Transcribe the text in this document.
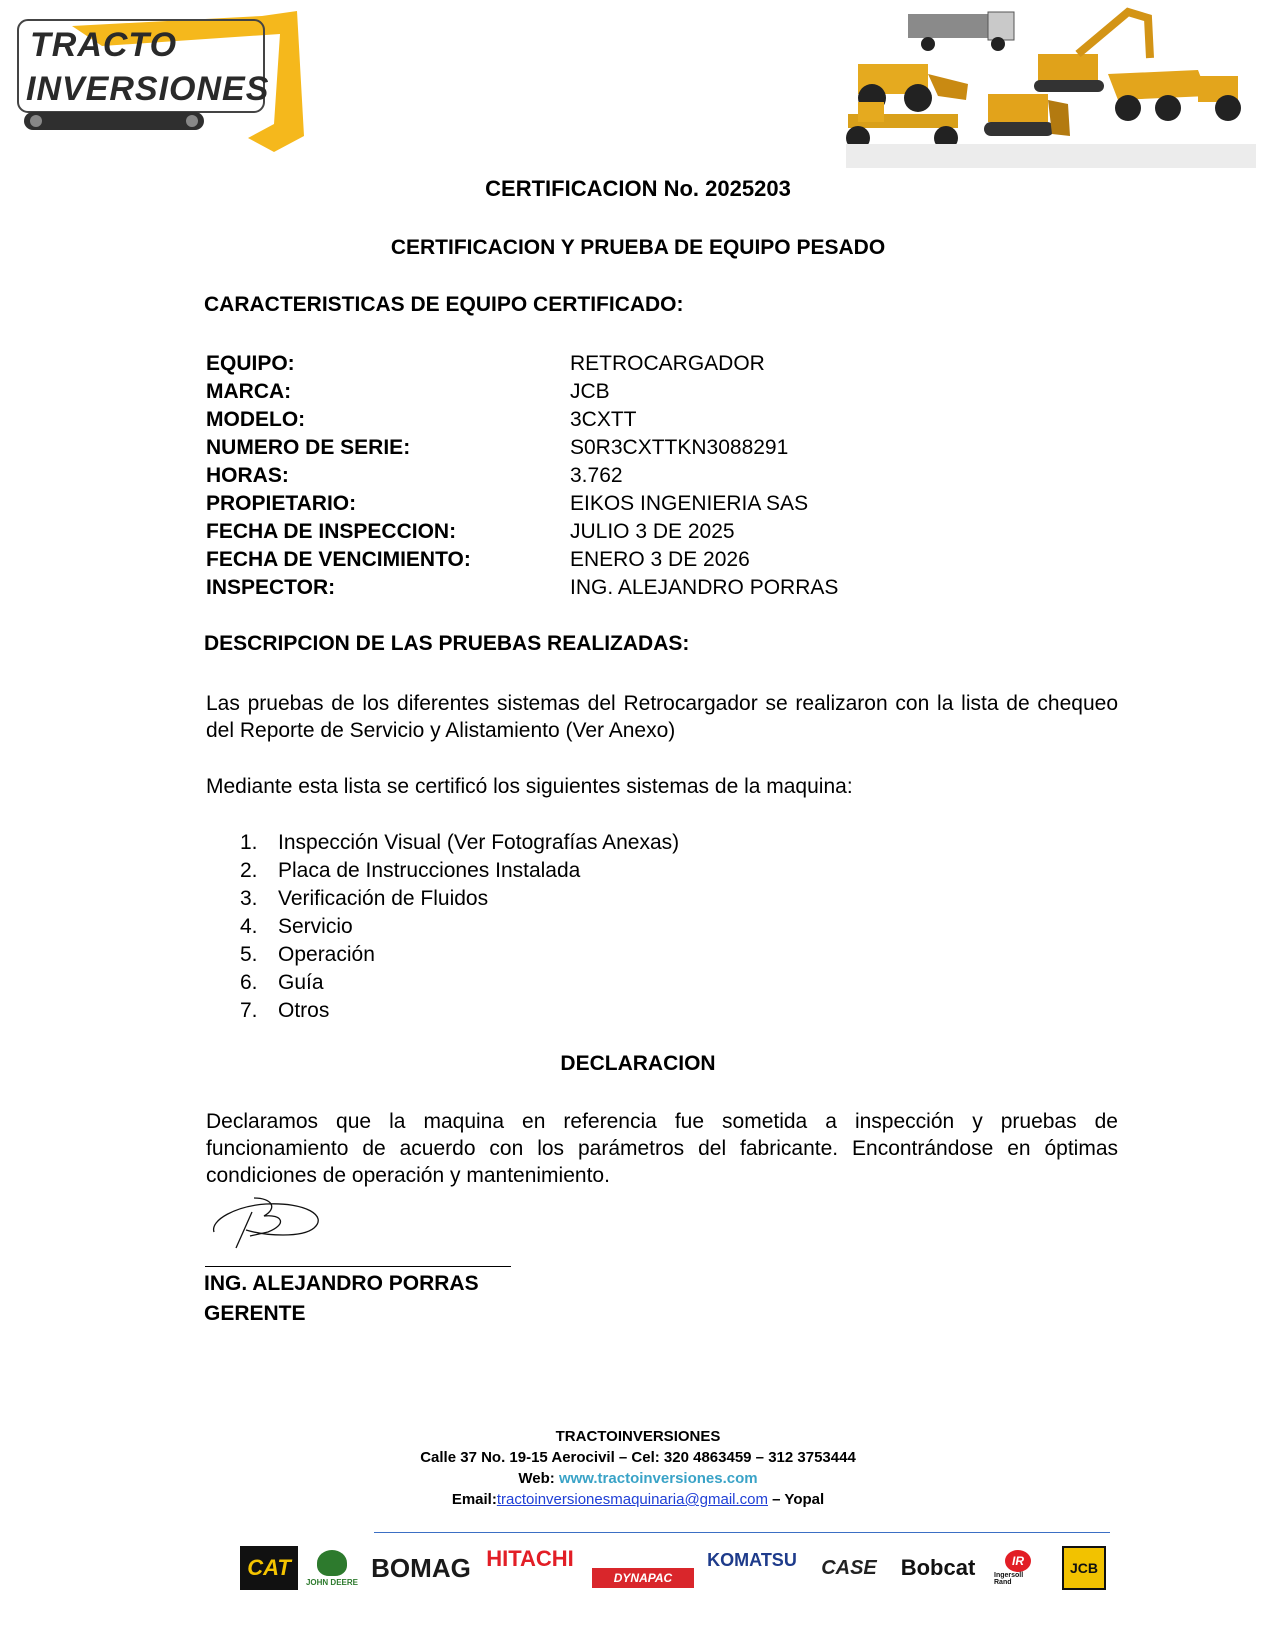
TRACTO
INVERSIONES
CERTIFICACION No. 2025203
CERTIFICACION Y PRUEBA DE EQUIPO PESADO
CARACTERISTICAS DE EQUIPO CERTIFICADO:
EQUIPO:	RETROCARGADOR
MARCA:	JCB
MODELO:	3CXTT
NUMERO DE SERIE:	S0R3CXTTKN3088291
HORAS:	3.762
PROPIETARIO:	EIKOS INGENIERIA SAS
FECHA DE INSPECCION:	JULIO 3 DE 2025
FECHA DE VENCIMIENTO:	ENERO 3 DE 2026
INSPECTOR:	ING. ALEJANDRO PORRAS
DESCRIPCION DE LAS PRUEBAS REALIZADAS:
Las pruebas de los diferentes sistemas del Retrocargador se realizaron con la lista de chequeo del Reporte de Servicio y Alistamiento (Ver Anexo)
Mediante esta lista se certificó los siguientes sistemas de la maquina:
1. Inspección Visual (Ver Fotografías Anexas)
2. Placa de Instrucciones Instalada
3. Verificación de Fluidos
4. Servicio
5. Operación
6. Guía
7. Otros
DECLARACION
Declaramos que la maquina en referencia fue sometida a inspección y pruebas de funcionamiento de acuerdo con los parámetros del fabricante. Encontrándose en óptimas condiciones de operación y mantenimiento.
ING. ALEJANDRO PORRAS
GERENTE
TRACTOINVERSIONES
Calle 37 No. 19-15 Aerocivil – Cel: 320 4863459 – 312 3753444
Web: www.tractoinversiones.com
Email:tractoinversionesmaquinaria@gmail.com – Yopal
CAT
JOHN DEERE BOMAG HITACHI
DYNAPAC
KOMATSU CASE	Bobcat	IR
Ingersoll Rand
JCB
